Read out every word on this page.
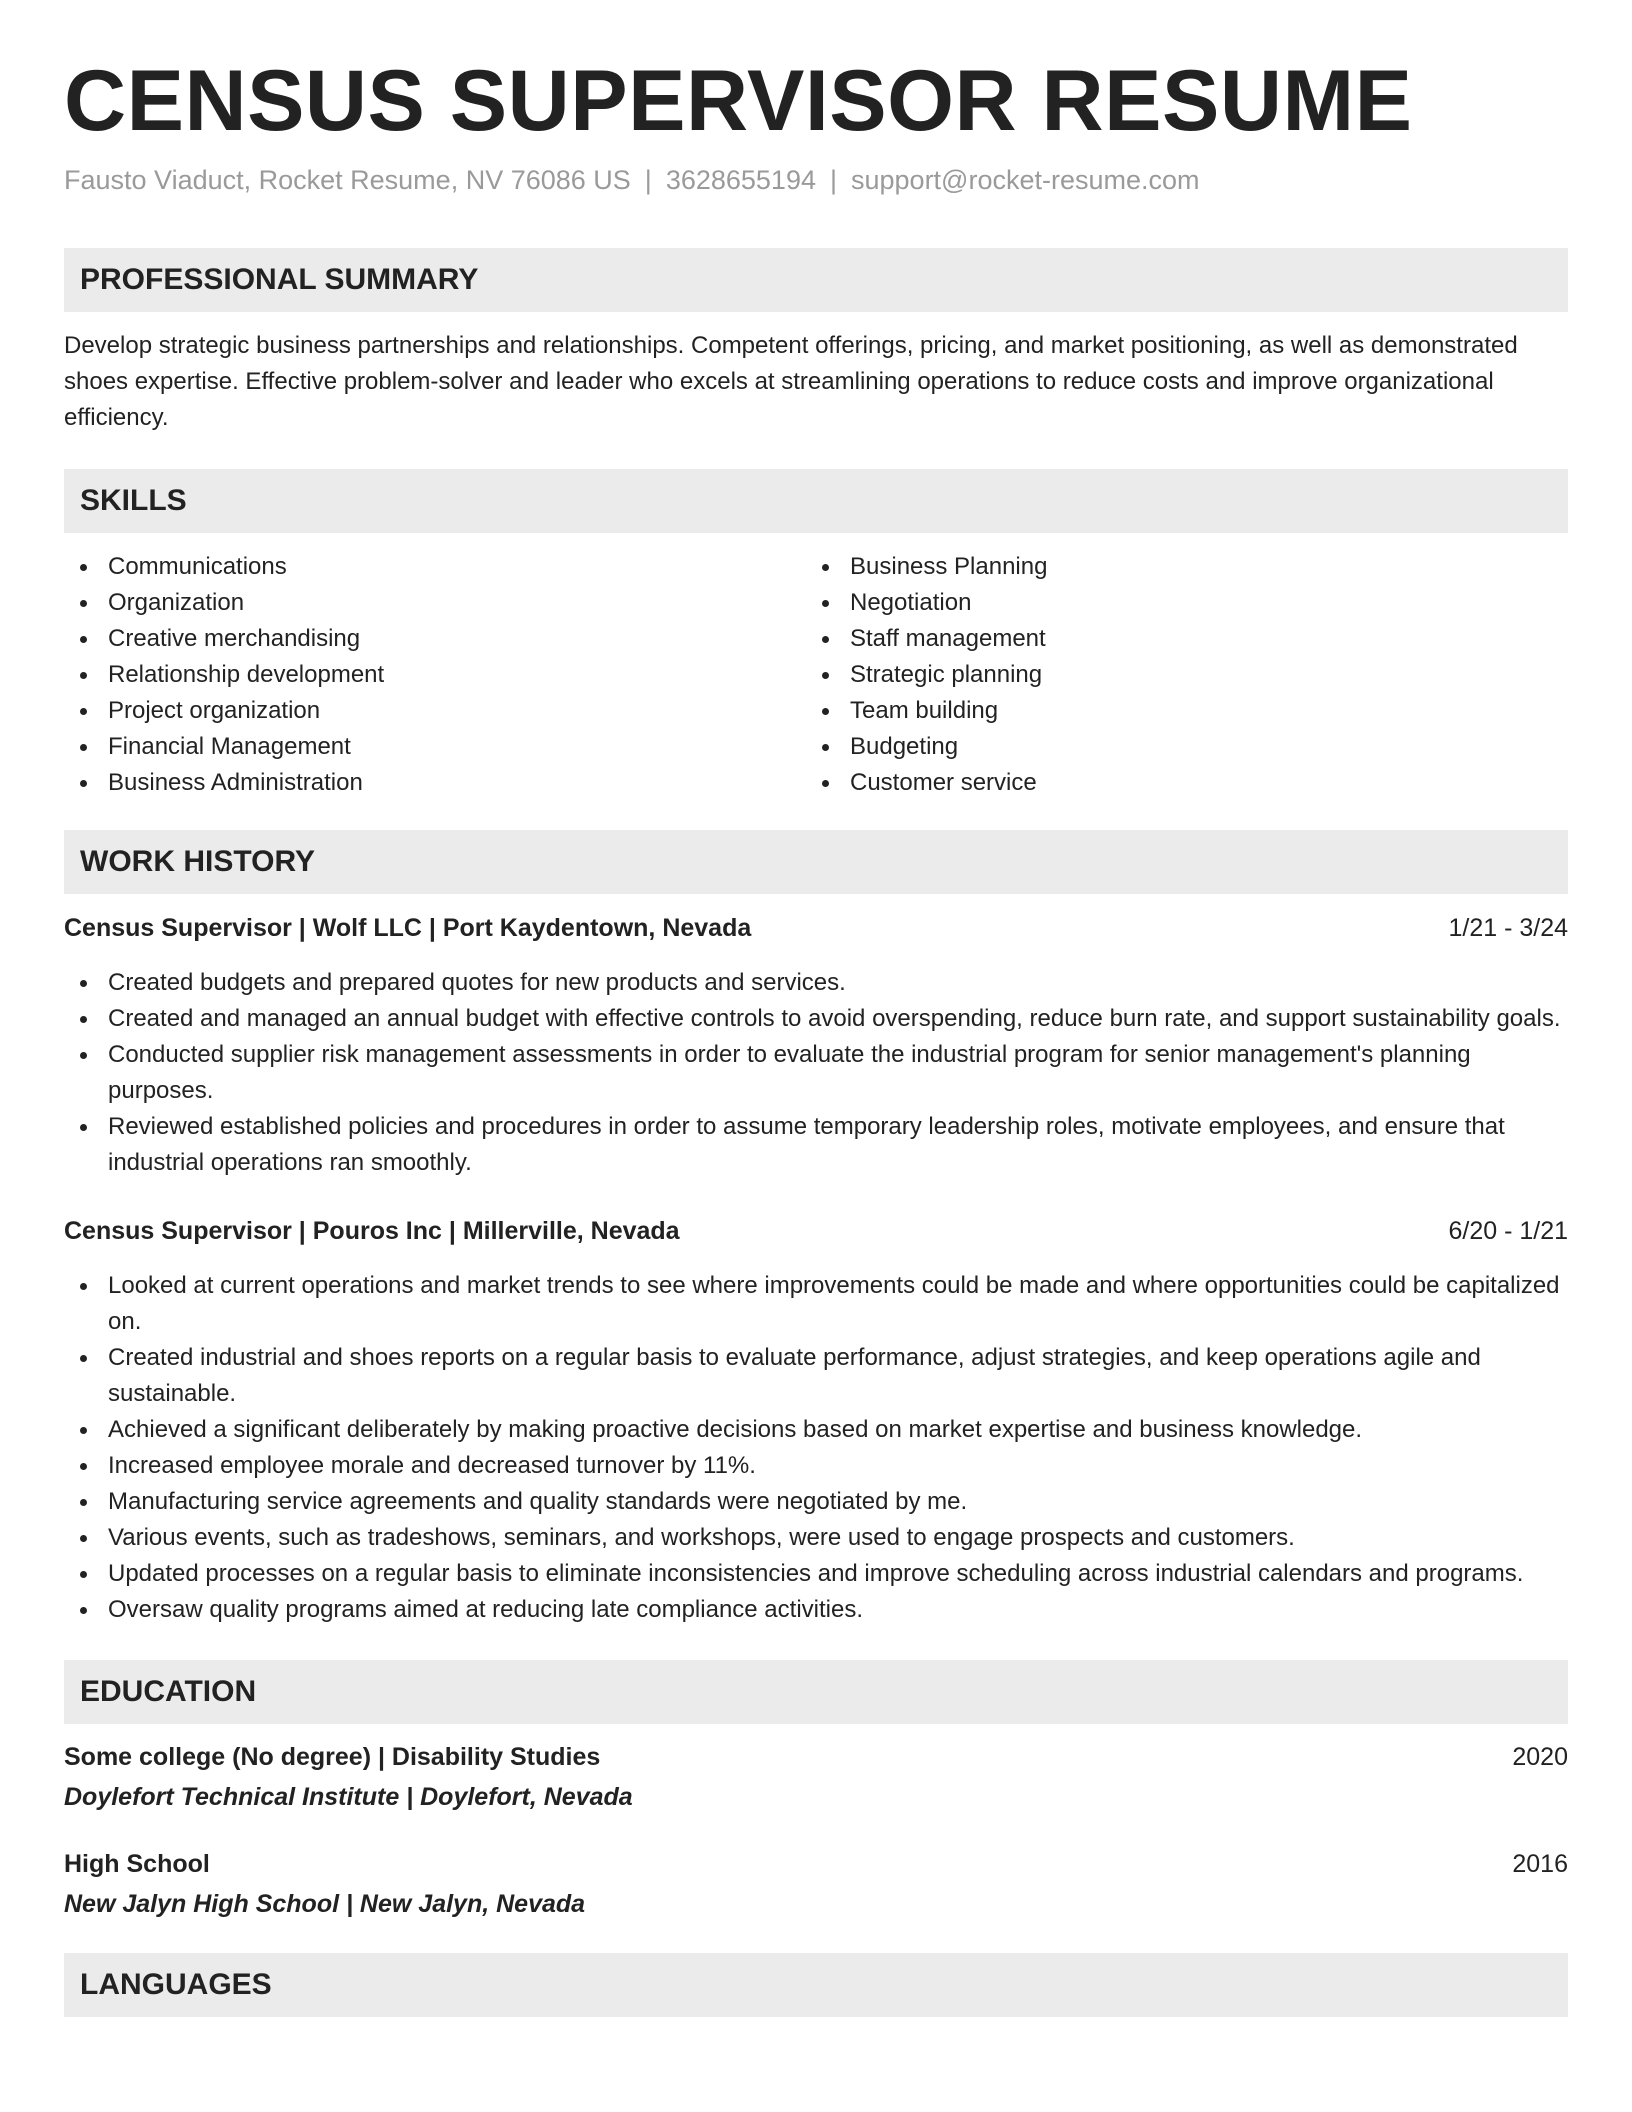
CENSUS SUPERVISOR RESUME
Fausto Viaduct, Rocket Resume, NV 76086 US | 3628655194 | support@rocket-resume.com
PROFESSIONAL SUMMARY

Develop strategic business partnerships and relationships. Competent offerings, pricing, and market positioning, as well as demonstrated shoes expertise. Effective problem-solver and leader who excels at streamlining operations to reduce costs and improve organizational efficiency.

SKILLS
Communications
Organization
Creative merchandising
Relationship development
Project organization
Financial Management
Business Administration
Business Planning
Negotiation
Staff management
Strategic planning
Team building
Budgeting
Customer service
WORK HISTORY
Census Supervisor | Wolf LLC | Port Kaydentown, Nevada	1/21 - 3/24
Created budgets and prepared quotes for new products and services.
Created and managed an annual budget with effective controls to avoid overspending, reduce burn rate, and support sustainability goals.
Conducted supplier risk management assessments in order to evaluate the industrial program for senior management's planning purposes.
Reviewed established policies and procedures in order to assume temporary leadership roles, motivate employees, and ensure that industrial operations ran smoothly.
Census Supervisor | Pouros Inc | Millerville, Nevada	6/20 - 1/21
Looked at current operations and market trends to see where improvements could be made and where opportunities could be capitalized on.
Created industrial and shoes reports on a regular basis to evaluate performance, adjust strategies, and keep operations agile and sustainable.
Achieved a significant deliberately by making proactive decisions based on market expertise and business knowledge.
Increased employee morale and decreased turnover by 11%.
Manufacturing service agreements and quality standards were negotiated by me.
Various events, such as tradeshows, seminars, and workshops, were used to engage prospects and customers.
Updated processes on a regular basis to eliminate inconsistencies and improve scheduling across industrial calendars and programs.
Oversaw quality programs aimed at reducing late compliance activities.
EDUCATION
Some college (No degree) | Disability Studies	2020
Doylefort Technical Institute | Doylefort, Nevada
High School	2016
New Jalyn High School | New Jalyn, Nevada
LANGUAGES
